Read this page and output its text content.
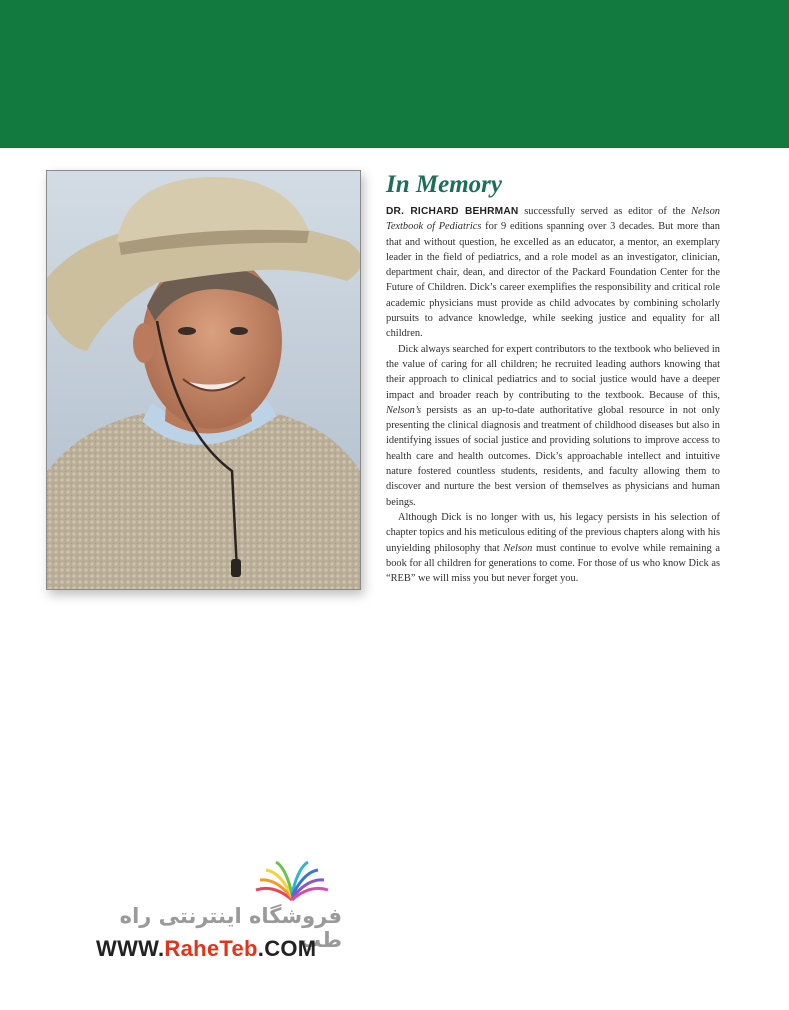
In Memory

DR. RICHARD BEHRMAN successfully served as editor of the Nelson Textbook of Pediatrics for 9 editions spanning over 3 decades. But more than that and without question, he excelled as an educator, a mentor, an exemplary leader in the field of pediatrics, and a role model as an investigator, clinician, department chair, dean, and director of the Packard Foundation Center for the Future of Children. Dick’s career exemplifies the responsibility and critical role academic physicians must provide as child advocates by combining scholarly pursuits to advance knowledge, while seeking justice and equality for all children.

Dick always searched for expert contributors to the textbook who believed in the value of caring for all children; he recruited leading authors knowing that their approach to clinical pediatrics and to social justice would have a deeper impact and broader reach by contributing to the textbook. Because of this, Nelson’s persists as an up-to-date authoritative global resource in not only presenting the clinical diagnosis and treatment of childhood diseases but also in identifying issues of social justice and providing solutions to improve access to health care and health outcomes. Dick’s approachable intellect and intuitive nature fostered countless students, residents, and faculty allowing them to discover and nurture the best version of themselves as physicians and human beings.

Although Dick is no longer with us, his legacy persists in his selection of chapter topics and his meticulous editing of the previous chapters along with his unyielding philosophy that Nelson must continue to evolve while remaining a book for all children for generations to come. For those of us who know Dick as “REB” we will miss you but never forget you.

فروشگاه اینترنتی راه طب
WWW.RaheTeb.COM
